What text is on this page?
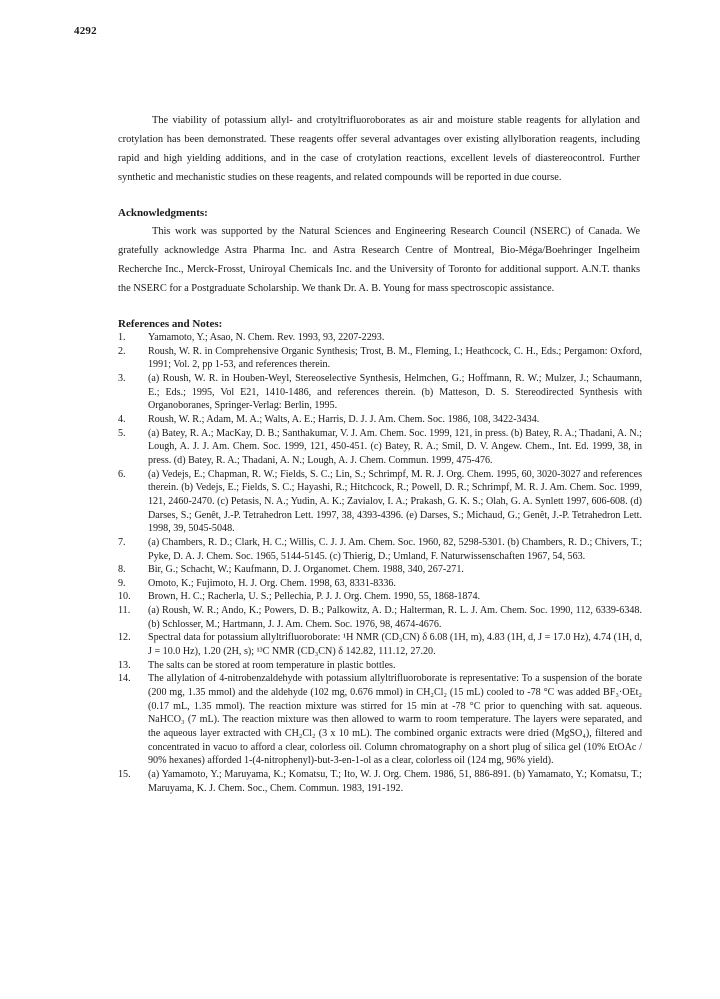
4292

The viability of potassium allyl- and crotyltrifluoroborates as air and moisture stable reagents for allylation and crotylation has been demonstrated. These reagents offer several advantages over existing allylboration reagents, including rapid and high yielding additions, and in the case of crotylation reactions, excellent levels of diastereocontrol. Further synthetic and mechanistic studies on these reagents, and related compounds will be reported in due course.

Acknowledgments:

This work was supported by the Natural Sciences and Engineering Research Council (NSERC) of Canada. We gratefully acknowledge Astra Pharma Inc. and Astra Research Centre of Montreal, Bio-Méga/Boehringer Ingelheim Recherche Inc., Merck-Frosst, Uniroyal Chemicals Inc. and the University of Toronto for additional support. A.N.T. thanks the NSERC for a Postgraduate Scholarship. We thank Dr. A. B. Young for mass spectroscopic assistance.

References and Notes:
1.	Yamamoto, Y.; Asao, N. Chem. Rev. 1993, 93, 2207-2293.
2.	Roush, W. R. in Comprehensive Organic Synthesis; Trost, B. M., Fleming, I.; Heathcock, C. H., Eds.; Pergamon: Oxford, 1991; Vol. 2, pp 1-53, and references therein.
3.	(a) Roush, W. R. in Houben-Weyl, Stereoselective Synthesis, Helmchen, G.; Hoffmann, R. W.; Mulzer, J.; Schaumann, E.; Eds.; 1995, Vol E21, 1410-1486, and references therein. (b) Matteson, D. S. Stereodirected Synthesis with Organoboranes, Springer-Verlag: Berlin, 1995.
4.	Roush, W. R.; Adam, M. A.; Walts, A. E.; Harris, D. J. J. Am. Chem. Soc. 1986, 108, 3422-3434.
5.	(a) Batey, R. A.; MacKay, D. B.; Santhakumar, V. J. Am. Chem. Soc. 1999, 121, in press. (b) Batey, R. A.; Thadani, A. N.; Lough, A. J. J. Am. Chem. Soc. 1999, 121, 450-451. (c) Batey, R. A.; Smil, D. V. Angew. Chem., Int. Ed. 1999, 38, in press. (d) Batey, R. A.; Thadani, A. N.; Lough, A. J. Chem. Commun. 1999, 475-476.
6.	(a) Vedejs, E.; Chapman, R. W.; Fields, S. C.; Lin, S.; Schrimpf, M. R. J. Org. Chem. 1995, 60, 3020-3027 and references therein. (b) Vedejs, E.; Fields, S. C.; Hayashi, R.; Hitchcock, R.; Powell, D. R.; Schrimpf, M. R. J. Am. Chem. Soc. 1999, 121, 2460-2470. (c) Petasis, N. A.; Yudin, A. K.; Zavialov, I. A.; Prakash, G. K. S.; Olah, G. A. Synlett 1997, 606-608. (d) Darses, S.; Genêt, J.-P. Tetrahedron Lett. 1997, 38, 4393-4396. (e) Darses, S.; Michaud, G.; Genêt, J.-P. Tetrahedron Lett. 1998, 39, 5045-5048.
7.	(a) Chambers, R. D.; Clark, H. C.; Willis, C. J. J. Am. Chem. Soc. 1960, 82, 5298-5301. (b) Chambers, R. D.; Chivers, T.; Pyke, D. A. J. Chem. Soc. 1965, 5144-5145. (c) Thierig, D.; Umland, F. Naturwissenschaften 1967, 54, 563.
8.	Bir, G.; Schacht, W.; Kaufmann, D. J. Organomet. Chem. 1988, 340, 267-271.
9.	Omoto, K.; Fujimoto, H. J. Org. Chem. 1998, 63, 8331-8336.
10.	Brown, H. C.; Racherla, U. S.; Pellechia, P. J. J. Org. Chem. 1990, 55, 1868-1874.
11.	(a) Roush, W. R.; Ando, K.; Powers, D. B.; Palkowitz, A. D.; Halterman, R. L. J. Am. Chem. Soc. 1990, 112, 6339-6348. (b) Schlosser, M.; Hartmann, J. J. Am. Chem. Soc. 1976, 98, 4674-4676.
12.	Spectral data for potassium allyltrifluoroborate: ¹H NMR (CD₃CN) δ 6.08 (1H, m), 4.83 (1H, d, J = 17.0 Hz), 4.74 (1H, d, J = 10.0 Hz), 1.20 (2H, s); ¹³C NMR (CD₃CN) δ 142.82, 111.12, 27.20.
13.	The salts can be stored at room temperature in plastic bottles.
14.	The allylation of 4-nitrobenzaldehyde with potassium allyltrifluoroborate is representative: To a suspension of the borate (200 mg, 1.35 mmol) and the aldehyde (102 mg, 0.676 mmol) in CH₂Cl₂ (15 mL) cooled to -78 °C was added BF₃·OEt₂ (0.17 mL, 1.35 mmol). The reaction mixture was stirred for 15 min at -78 °C prior to quenching with sat. aqueous. NaHCO₃ (7 mL). The reaction mixture was then allowed to warm to room temperature. The layers were separated, and the aqueous layer extracted with CH₂Cl₂ (3 x 10 mL). The combined organic extracts were dried (MgSO₄), filtered and concentrated in vacuo to afford a clear, colorless oil. Column chromatography on a short plug of silica gel (10% EtOAc / 90% hexanes) afforded 1-(4-nitrophenyl)-but-3-en-1-ol as a clear, colorless oil (124 mg, 96% yield).
15.	(a) Yamamoto, Y.; Maruyama, K.; Komatsu, T.; Ito, W. J. Org. Chem. 1986, 51, 886-891. (b) Yamamato, Y.; Komatsu, T.; Maruyama, K. J. Chem. Soc., Chem. Commun. 1983, 191-192.
